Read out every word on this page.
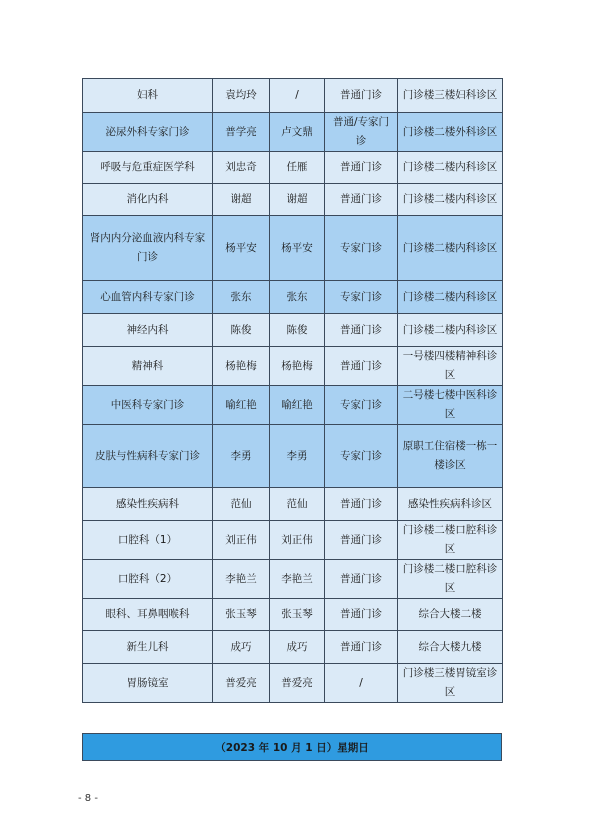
妇科	袁均玲	/	普通门诊	门诊楼三楼妇科诊区
泌尿外科专家门诊	普学亮	卢文鼎	普通/专家门诊	门诊楼二楼外科诊区
呼吸与危重症医学科	刘忠奇	任雁	普通门诊	门诊楼二楼内科诊区
消化内科	谢超	谢超	普通门诊	门诊楼二楼内科诊区
肾内内分泌血液内科专家门诊	杨平安	杨平安	专家门诊	门诊楼二楼内科诊区
心血管内科专家门诊	张东	张东	专家门诊	门诊楼二楼内科诊区
神经内科	陈俊	陈俊	普通门诊	门诊楼二楼内科诊区
精神科	杨艳梅	杨艳梅	普通门诊	一号楼四楼精神科诊区
中医科专家门诊	喻红艳	喻红艳	专家门诊	二号楼七楼中医科诊区
皮肤与性病科专家门诊	李勇	李勇	专家门诊	原职工住宿楼一栋一楼诊区
感染性疾病科	范仙	范仙	普通门诊	感染性疾病科诊区
口腔科（1）	刘正伟	刘正伟	普通门诊	门诊楼二楼口腔科诊区
口腔科（2）	李艳兰	李艳兰	普通门诊	门诊楼二楼口腔科诊区
眼科、耳鼻咽喉科	张玉琴	张玉琴	普通门诊	综合大楼二楼
新生儿科	成巧	成巧	普通门诊	综合大楼九楼
胃肠镜室	普爱亮	普爱亮	/	门诊楼三楼胃镜室诊区
（2023 年 10 月 1 日）星期日
- 8 -
